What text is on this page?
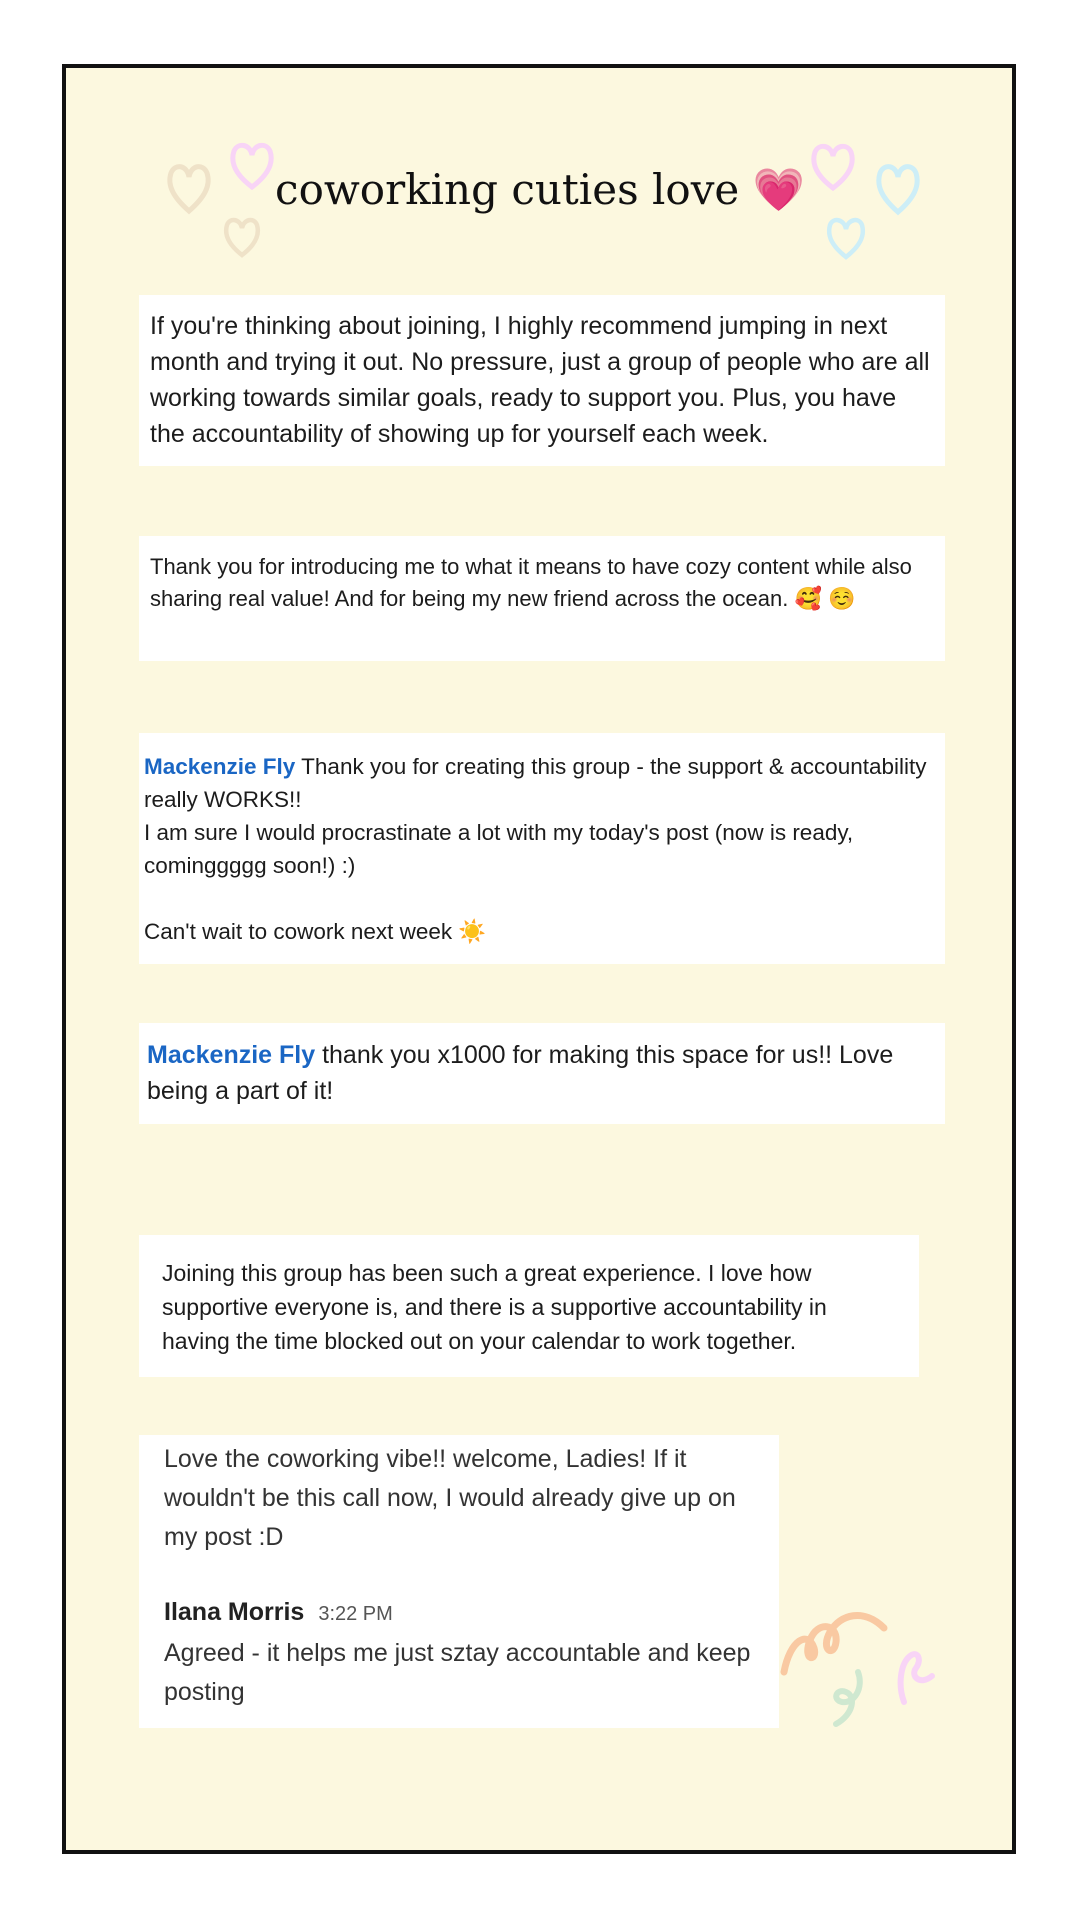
coworking cuties love 💗
If you're thinking about joining, I highly recommend jumping in next month and trying it out. No pressure, just a group of people who are all working towards similar goals, ready to support you. Plus, you have the accountability of showing up for yourself each week.
Thank you for introducing me to what it means to have cozy content while also sharing real value! And for being my new friend across the ocean. 🥰 ☺️
Mackenzie Fly Thank you for creating this group - the support & accountability really WORKS!!
I am sure I would procrastinate a lot with my today's post (now is ready, cominggggg soon!) :)
Can't wait to cowork next week ☀️
Mackenzie Fly thank you x1000 for making this space for us!! Love being a part of it!
Joining this group has been such a great experience. I love how supportive everyone is, and there is a supportive accountability in having the time blocked out on your calendar to work together.
Love the coworking vibe!! welcome, Ladies! If it wouldn't be this call now, I would already give up on my post :D
Ilana Morris 3:22 PM
Agreed - it helps me just sztay accountable and keep posting
